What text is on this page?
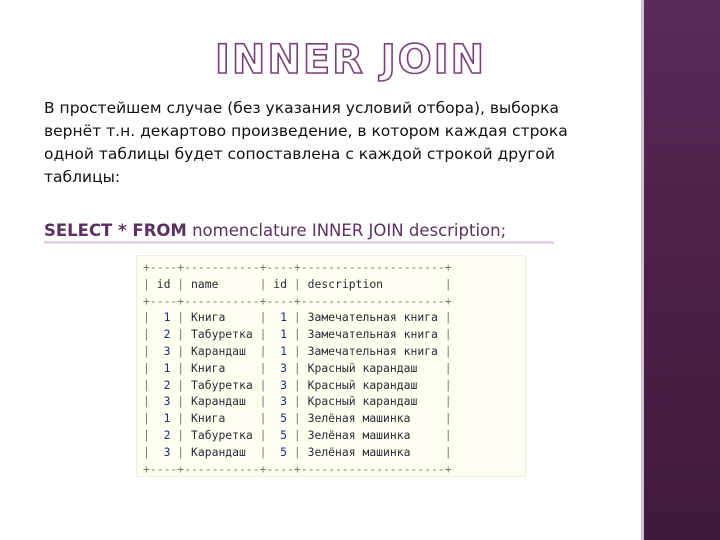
INNER JOIN
В простейшем случае (без указания условий отбора), выборка вернёт т.н. декартово произведение, в котором каждая строка одной таблицы будет сопоставлена с каждой строкой другой таблицы:
SELECT * FROM nomenclature INNER JOIN description;
+----+-----------+----+---------------------+
| id | name      | id | description         |
+----+-----------+----+---------------------+
|  1 | Книга     |  1 | Замечательная книга |
|  2 | Табуретка |  1 | Замечательная книга |
|  3 | Карандаш  |  1 | Замечательная книга |
|  1 | Книга     |  3 | Красный карандаш    |
|  2 | Табуретка |  3 | Красный карандаш    |
|  3 | Карандаш  |  3 | Красный карандаш    |
|  1 | Книга     |  5 | Зелёная машинка     |
|  2 | Табуретка |  5 | Зелёная машинка     |
|  3 | Карандаш  |  5 | Зелёная машинка     |
+----+-----------+----+---------------------+
